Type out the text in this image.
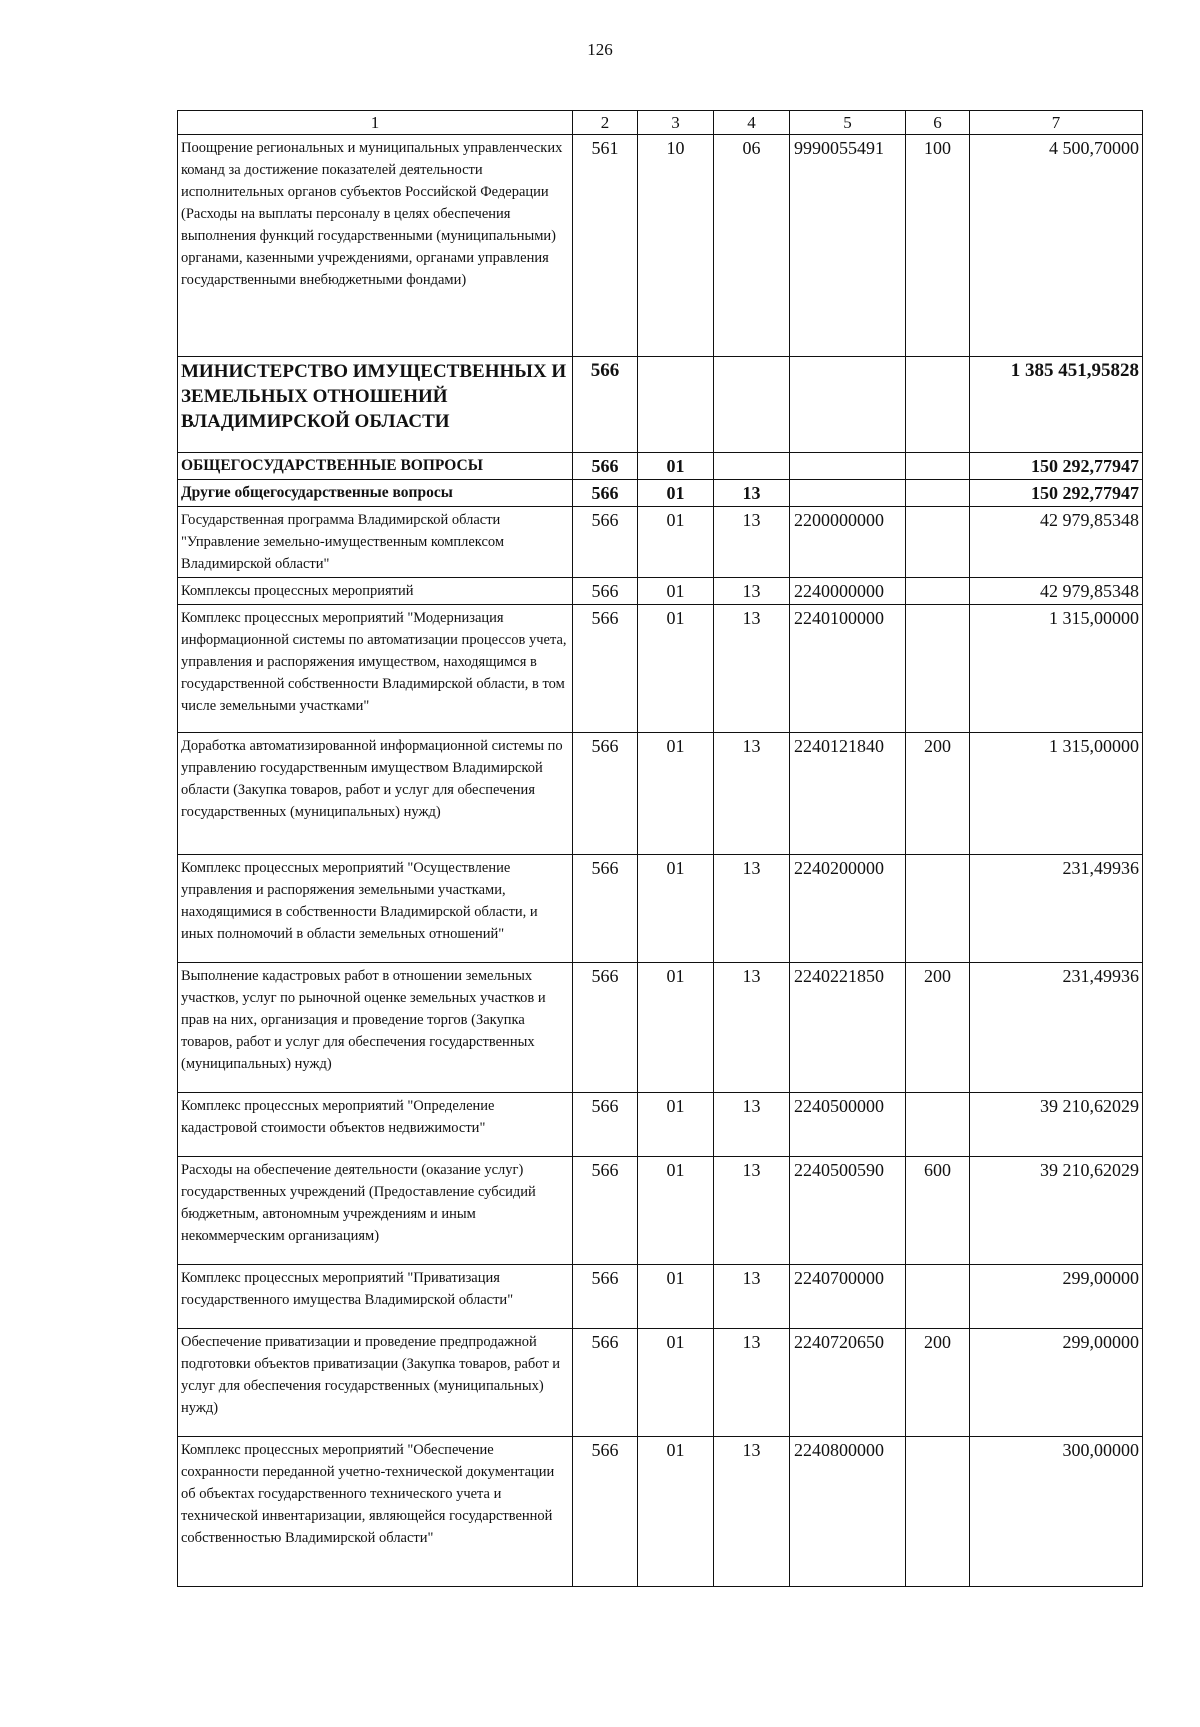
126
1	2	3	4	5	6	7
Поощрение региональных и муниципальных управленческих команд за достижение показателей деятельности исполнительных органов субъектов Российской Федерации (Расходы на выплаты персоналу в целях обеспечения выполнения функций государственными (муниципальными) органами, казенными учреждениями, органами управления государственными внебюджетными фондами)	561	10	06	9990055491	100	4 500,70000
МИНИСТЕРСТВО ИМУЩЕСТВЕННЫХ И ЗЕМЕЛЬНЫХ ОТНОШЕНИЙ ВЛАДИМИРСКОЙ ОБЛАСТИ	566					1 385 451,95828
ОБЩЕГОСУДАРСТВЕННЫЕ ВОПРОСЫ	566	01				150 292,77947
Другие общегосударственные вопросы	566	01	13			150 292,77947
Государственная программа Владимирской области "Управление земельно-имущественным комплексом Владимирской области"	566	01	13	2200000000		42 979,85348
Комплексы процессных мероприятий	566	01	13	2240000000		42 979,85348
Комплекс процессных мероприятий "Модернизация информационной системы по автоматизации процессов учета, управления и распоряжения имуществом, находящимся в государственной собственности Владимирской области, в том числе земельными участками"	566	01	13	2240100000		1 315,00000
Доработка автоматизированной информационной системы по управлению государственным имуществом Владимирской области (Закупка товаров, работ и услуг для обеспечения государственных (муниципальных) нужд)	566	01	13	2240121840	200	1 315,00000
Комплекс процессных мероприятий "Осуществление управления и распоряжения земельными участками, находящимися в собственности Владимирской области, и иных полномочий в области земельных отношений"	566	01	13	2240200000		231,49936
Выполнение кадастровых работ в отношении земельных участков, услуг по рыночной оценке земельных участков и прав на них, организация и проведение торгов (Закупка товаров, работ и услуг для обеспечения государственных (муниципальных) нужд)	566	01	13	2240221850	200	231,49936
Комплекс процессных мероприятий "Определение кадастровой стоимости объектов недвижимости"	566	01	13	2240500000		39 210,62029
Расходы на обеспечение деятельности (оказание услуг) государственных учреждений (Предоставление субсидий бюджетным, автономным учреждениям и иным некоммерческим организациям)	566	01	13	2240500590	600	39 210,62029
Комплекс процессных мероприятий "Приватизация государственного имущества Владимирской области"	566	01	13	2240700000		299,00000
Обеспечение приватизации и проведение предпродажной подготовки объектов приватизации (Закупка товаров, работ и услуг для обеспечения государственных (муниципальных) нужд)	566	01	13	2240720650	200	299,00000
Комплекс процессных мероприятий "Обеспечение сохранности переданной учетно-технической документации об объектах государственного технического учета и технической инвентаризации, являющейся государственной собственностью Владимирской области"	566	01	13	2240800000		300,00000
